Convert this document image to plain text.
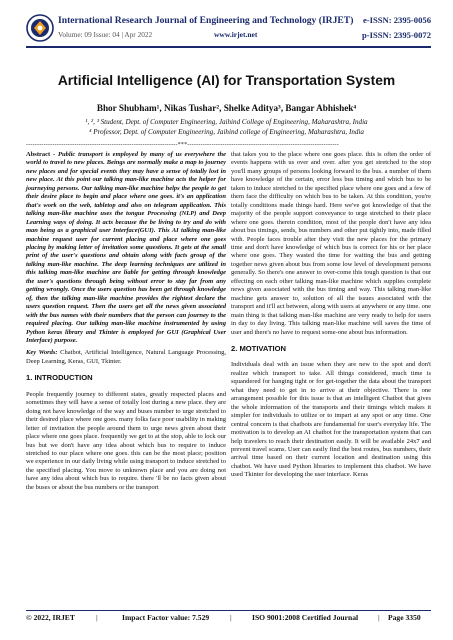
International Research Journal of Engineering and Technology (IRJET) e-ISSN: 2395-0056
Volume: 09 Issue: 04 | Apr 2022	www.irjet.net	p-ISSN: 2395-0072
Artificial Intelligence (AI) for Transportation System
Bhor Shubham¹, Nikas Tushar², Shelke Aditya³, Bangar Abhishek⁴
¹, ², ³ Student, Dept. of Computer Engineering, Jaihind College of Engineering, Maharashtra, India
⁴ Professor, Dept. of Computer Engineering, Jaihind college of Engineering, Maharashtra, India
---------------------------------------------------------------------***---------------------------------------------------------------------

Abstract - Public transport is employed by many of us everywhere the world to travel to new places. Beings are normally make a map to journey new places and for special events they may have a sense of totally lost in new place. At this point our talking man-like machine acts the helper for journeying persons. Our talking man-like machine helps the people to get their desire place to begin and place where one goes. it's an application that's work on the web, tabletop and also on telegram application. This talking man-like machine uses the tongue Processing (NLP) and Deep Learning ways of doing. It acts because the be living to try and do with man being as a graphical user Interface(GUI). This AI talking man-like machine request user for current placing and place where one goes placing by making letter of invitation some questions. It gets at the small print of the user's questions and obtain along with facts group of the talking man-like machine. The deep learning techniques are utilized in this talking man-like machine are liable for getting through knowledge the user's questions through being without error to stay far from any getting wrongly. Once the users question has been get through knowledge of, then the talking man-like machine provides the rightest declare the users question request. Then the users get all the news given associated with the bus names with their numbers that the person can journey to the required placing. Our talking man-like machine instrumented by using Python keras library and Tkinter is employed for GUI (Graphical User Interface) purpose.

Key Words: Chatbot, Artificial Intelligence, Natural Language Processing, Deep Learning, Keras, GUI, Tkinter.

1. INTRODUCTION

People frequently journey to different states, greatly respected places and sometimes they will have a sense of totally lost during a new place. they are doing not have knowledge of the way and buses number to urge stretched to their desired place where one goes. many folks face poor usability in making letter of invitation the people around them to urge news given about their place where one goes place. frequently we get to at the stop, able to lock our bus but we don't have any idea about which bus to require to induce stretched to our place where one goes. this can be the most place; position we experience in our daily living while using transport to induce stretched to the specified placing. You move to unknown place and you are doing not have any idea about which bus to require. there 'll be no facts given about the buses or about the bus numbers or the transport

that takes you to the place where one goes place. this is often the order of events happens with us over and over. after you get stretched to the stop you'll many groups of persons looking forward to the bus. a number of them have knowledge of the certain, error less bus timing and which bus to be taken to induce stretched to the specified place where one goes and a few of them face the difficulty on which bus to be taken. At this condition, you're totally conditions made things hard. Here we've got knowledge of that the majority of the people support conveyance to urge stretched to their place where one goes. therein condition, most of the people don't have any idea about bus timings, sends, bus numbers and other put tightly into, made filled with. People faces trouble after they visit the new places for the primary time and don't have knowledge of which bus is correct for his or her place where one goes. They wasted the time for waiting the bus and getting together news given about bus from some low level of development persons generally. So there's one answer to over-come this tough question is that our effecting on each other talking man-like machine which supplies complete news given associated with the bus timing and way. This talking man-like machine gets answer to, solution of all the issues associated with the transport and it'll act between, along with users at anywhere or any time. one main thing is that talking man-like machine are very ready to help for users in day to day living. This talking man-like machine will saves the time of user and there's no have to request some-one about bus information.

2. MOTIVATION

Individuals deal with an issue when they are new to the spot and don't realize which transport to take. All things considered, much time is squandered for hanging tight or for get-together the data about the transport what they need to get in to arrive at their objective. There is one arrangement possible for this issue is that an intelligent Chatbot that gives the whole information of the transports and their timings which makes it simpler for individuals to utilize or to impart at any spot or any time. One central concern is that chatbots are fundamental for user's everyday life. The motivation is to develop an AI chatbot for the transportation system that can help travelers to reach their destination easily. It will be available 24x7 and prevent travel scams. User can easily find the best routes, bus numbers, their arrival time based on their current location and destination using this chatbot. We have used Python libraries to implement this chatbot. We have used Tkinter for developing the user interface. Keras

© 2022, IRJET	|	Impact Factor value: 7.529	|	ISO 9001:2008 Certified Journal	| Page 3350
